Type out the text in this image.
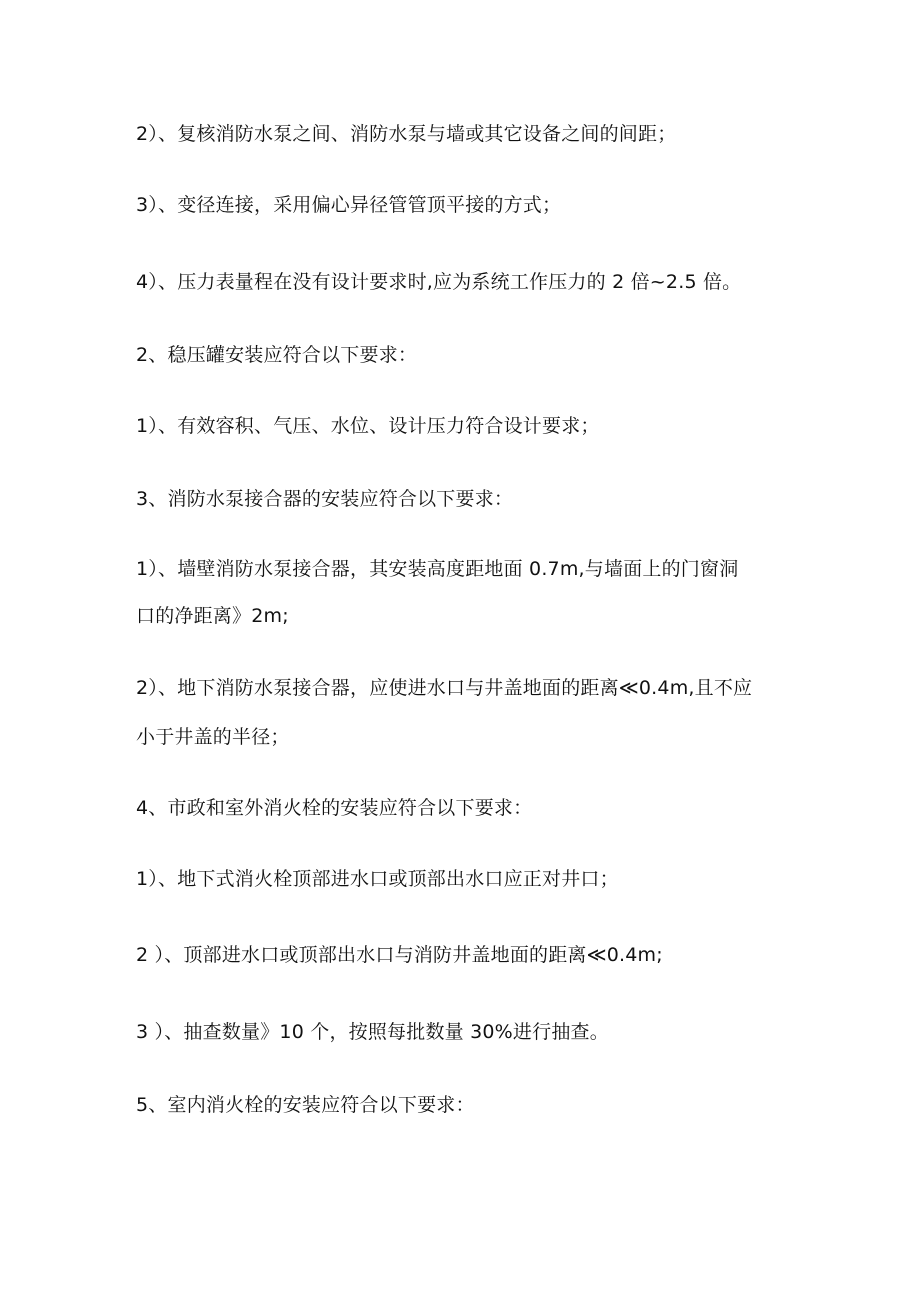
2）、复核消防水泵之间、消防水泵与墙或其它设备之间的间距；
3）、变径连接，采用偏心异径管管顶平接的方式；
4）、压力表量程在没有设计要求时,应为系统工作压力的 2 倍~2.5 倍。
2、稳压罐安装应符合以下要求：
1）、有效容积、气压、水位、设计压力符合设计要求；
3、消防水泵接合器的安装应符合以下要求：
1）、墙壁消防水泵接合器，其安装高度距地面 0.7m,与墙面上的门窗洞
口的净距离》2m;
2）、地下消防水泵接合器，应使进水口与井盖地面的距离≪0.4m,且不应
小于井盖的半径；
4、市政和室外消火栓的安装应符合以下要求：
1）、地下式消火栓顶部进水口或顶部出水口应正对井口；
2 ）、顶部进水口或顶部出水口与消防井盖地面的距离≪0.4m;
3 ）、抽查数量》10 个，按照每批数量 30%进行抽查。
5、室内消火栓的安装应符合以下要求：
